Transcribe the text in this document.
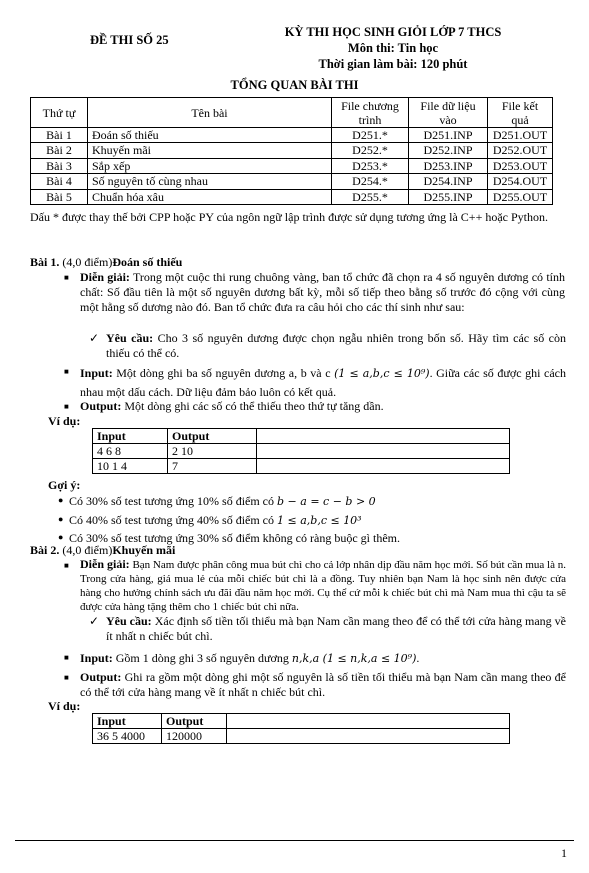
ĐỀ THI SỐ 25
KỲ THI HỌC SINH GIỎI LỚP 7 THCS
Môn thi: Tin học
Thời gian làm bài: 120 phút
TỔNG QUAN BÀI THI
Thứ tự	Tên bài	File chương trình	File dữ liệu vào	File kết quả
Bài 1	Đoán số thiếu	D251.*	D251.INP	D251.OUT
Bài 2	Khuyến mãi	D252.*	D252.INP	D252.OUT
Bài 3	Sắp xếp	D253.*	D253.INP	D253.OUT
Bài 4	Số nguyên tố cùng nhau	D254.*	D254.INP	D254.OUT
Bài 5	Chuẩn hóa xâu	D255.*	D255.INP	D255.OUT
Dấu * được thay thế bởi CPP hoặc PY của ngôn ngữ lập trình được sử dụng tương ứng là C++ hoặc Python.
Bài 1. (4,0 điểm)Đoán số thiếu
■ Diễn giải: Trong một cuộc thi rung chuông vàng, ban tổ chức đã chọn ra 4 số nguyên dương có tính chất: Số đầu tiên là một số nguyên dương bất kỳ, mỗi số tiếp theo bằng số trước đó cộng với cùng một hằng số dương nào đó. Ban tổ chức đưa ra câu hỏi cho các thí sinh như sau:
✓ Yêu cầu: Cho 3 số nguyên dương được chọn ngẫu nhiên trong bốn số. Hãy tìm các số còn thiếu có thể có.
■ Input: Một dòng ghi ba số nguyên dương a, b và c (1 ≤ a,b,c ≤ 10⁹). Giữa các số được ghi cách nhau một dấu cách. Dữ liệu đảm bảo luôn có kết quả.
■ Output: Một dòng ghi các số có thể thiếu theo thứ tự tăng dần.
Ví dụ:
Input	Output	
4 6 8	2 10	
10 1 4	7	
Gợi ý:
● Có 30% số test tương ứng 10% số điểm có b − a = c − b > 0
● Có 40% số test tương ứng 40% số điểm có 1 ≤ a,b,c ≤ 10³
● Có 30% số test tương ứng 30% số điểm không có ràng buộc gì thêm.
Bài 2. (4,0 điểm)Khuyến mãi
■ Diễn giải: Bạn Nam được phân công mua bút chì cho cả lớp nhân dịp đầu năm học mới. Số bút cần mua là n. Trong cửa hàng, giá mua lẻ của mỗi chiếc bút chì là a đồng. Tuy nhiên bạn Nam là học sinh nên được cửa hàng cho hưởng chính sách ưu đãi đầu năm học mới. Cụ thể cứ mỗi k chiếc bút chì mà Nam mua thì cậu ta sẽ được cửa hàng tặng thêm cho 1 chiếc bút chì nữa.
✓ Yêu cầu: Xác định số tiền tối thiểu mà bạn Nam cần mang theo để có thể tới cửa hàng mang về ít nhất n chiếc bút chì.
■ Input: Gồm 1 dòng ghi 3 số nguyên dương n,k,a (1 ≤ n,k,a ≤ 10⁹).
■ Output: Ghi ra gồm một dòng ghi một số nguyên là số tiền tối thiểu mà bạn Nam cần mang theo để có thể tới cửa hàng mang về ít nhất n chiếc bút chì.
Ví dụ:
Input	Output	
36 5 4000	120000	
1
